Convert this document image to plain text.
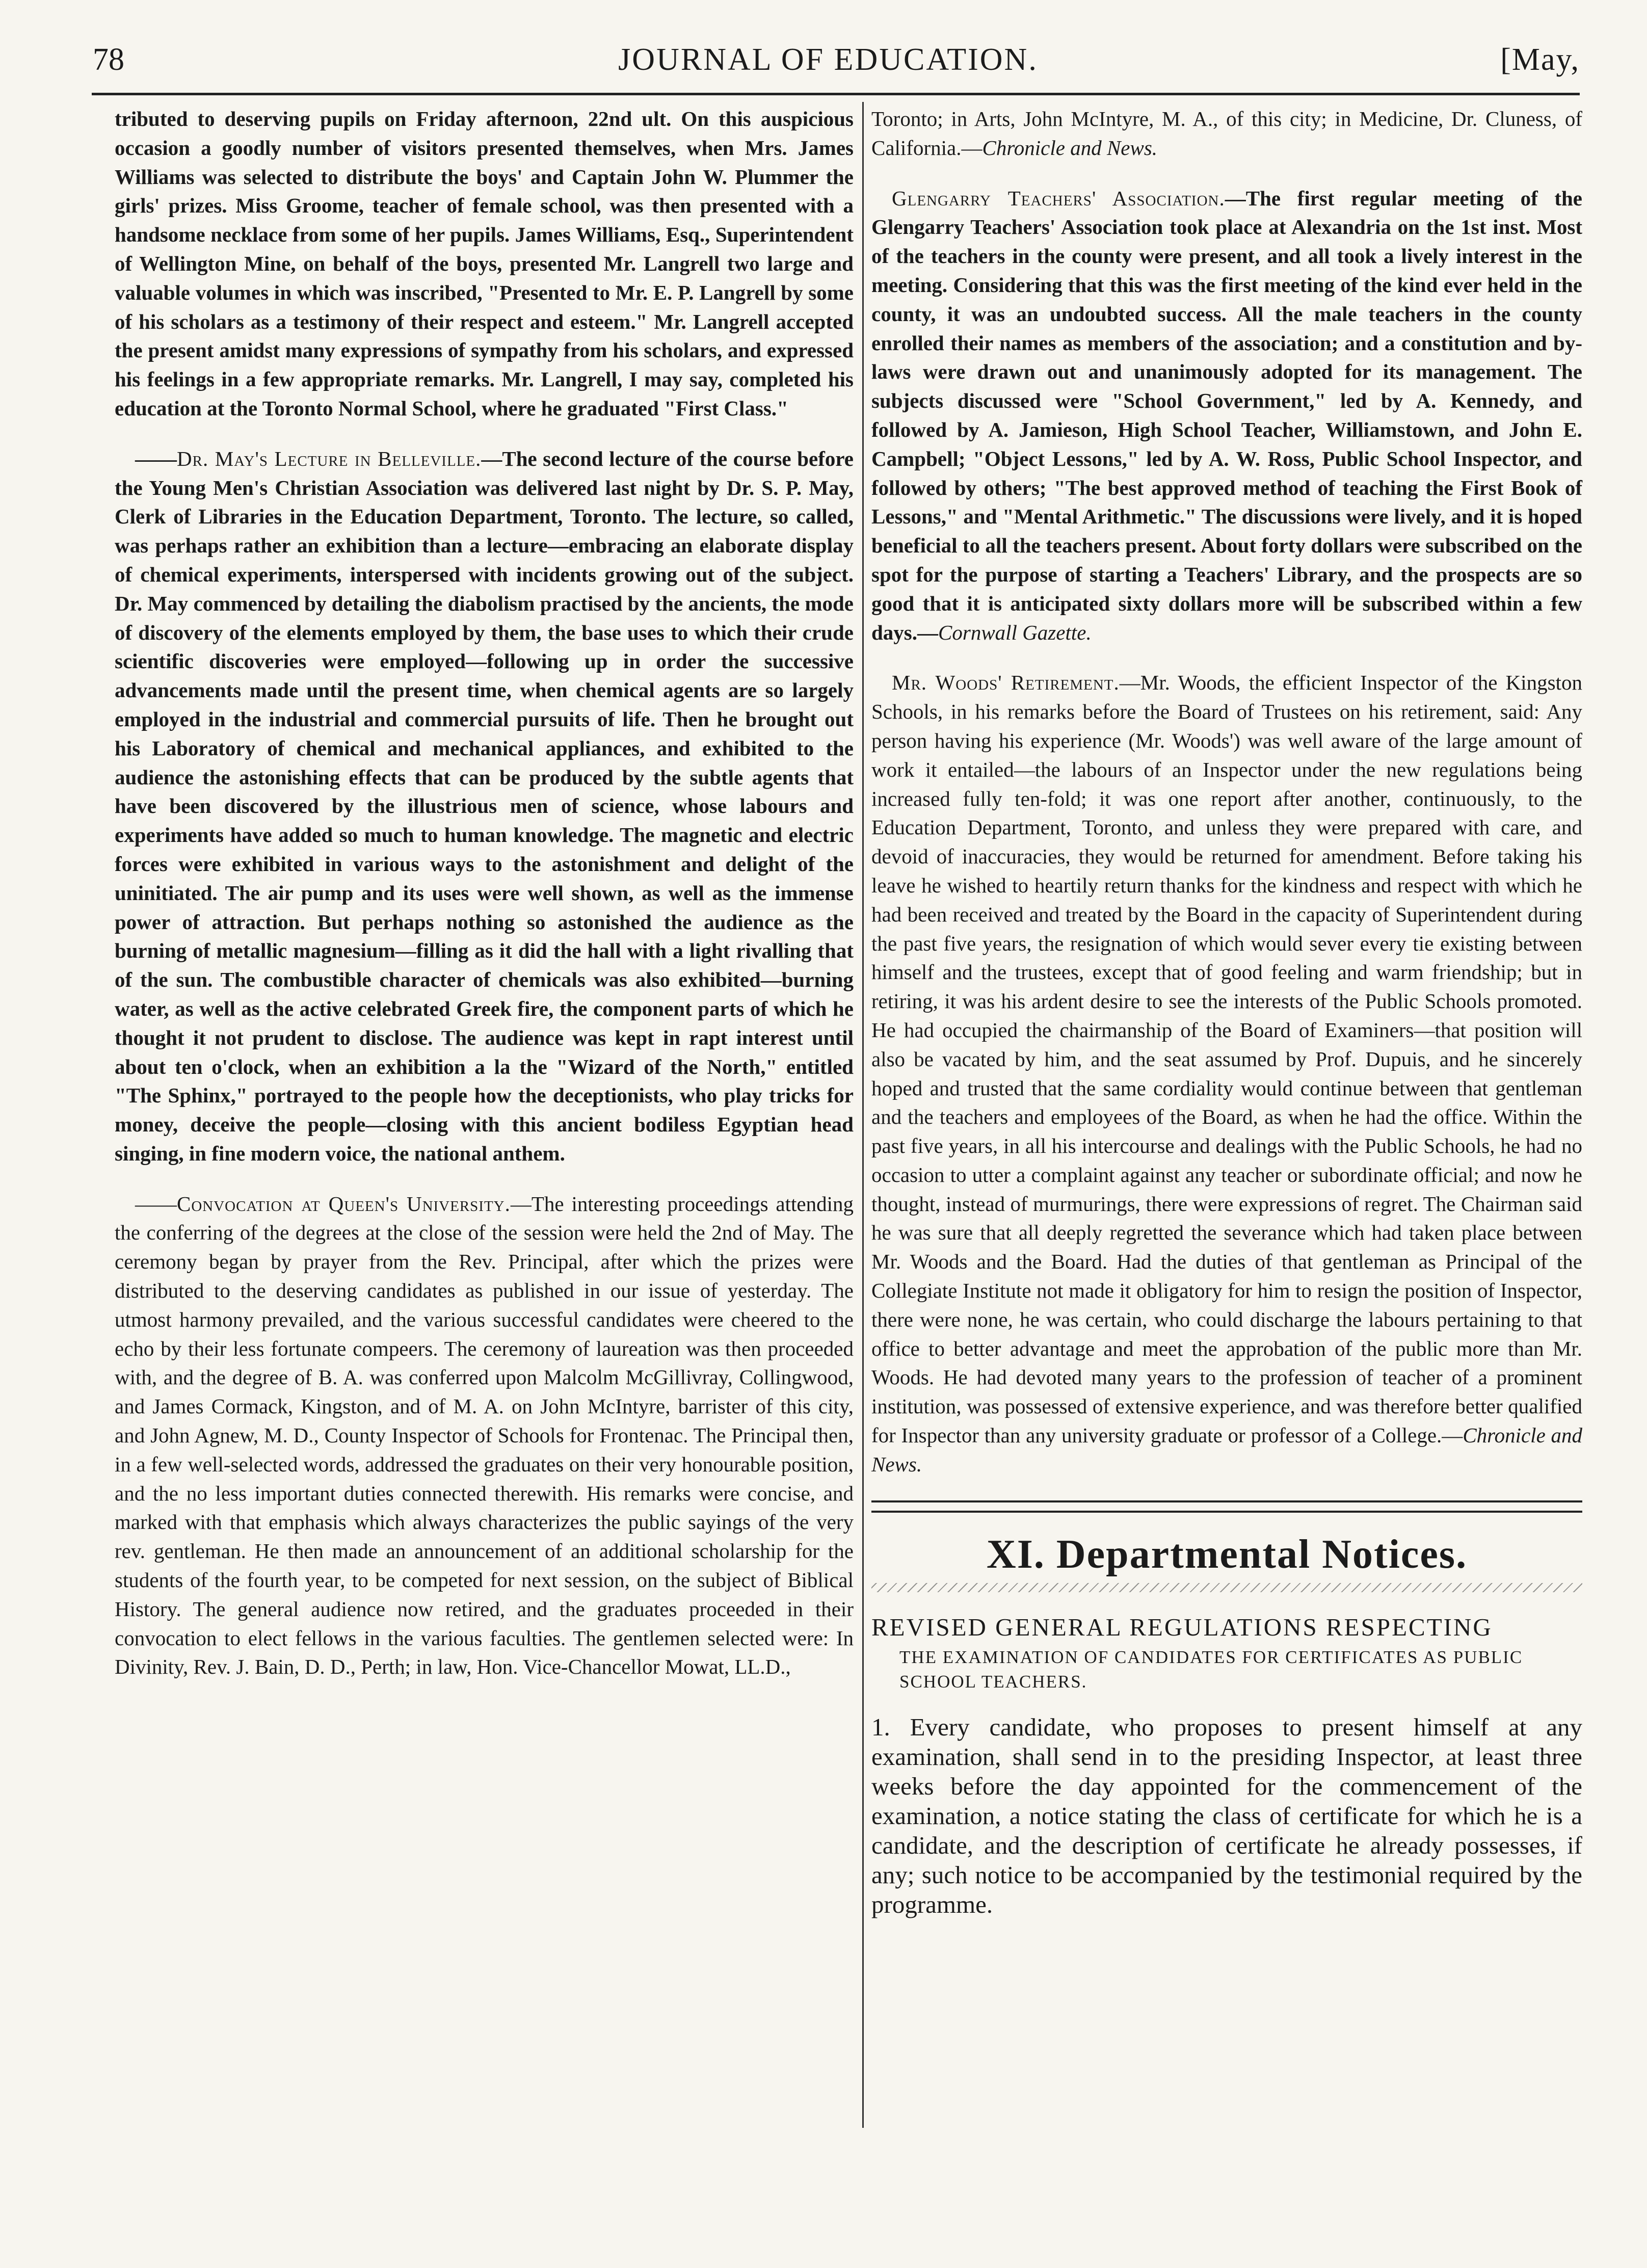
78	JOURNAL OF EDUCATION.	[May,

tributed to deserving pupils on Friday afternoon, 22nd ult. On this auspicious occasion a goodly number of visitors presented themselves, when Mrs. James Williams was selected to distribute the boys' and Captain John W. Plummer the girls' prizes. Miss Groome, teacher of female school, was then presented with a handsome necklace from some of her pupils. James Williams, Esq., Superintendent of Wellington Mine, on behalf of the boys, presented Mr. Langrell two large and valuable volumes in which was inscribed, "Presented to Mr. E. P. Langrell by some of his scholars as a testimony of their respect and esteem." Mr. Langrell accepted the present amidst many expressions of sympathy from his scholars, and expressed his feelings in a few appropriate remarks. Mr. Langrell, I may say, completed his education at the Toronto Normal School, where he graduated "First Class."

——Dr. May's Lecture in Belleville.—The second lecture of the course before the Young Men's Christian Association was delivered last night by Dr. S. P. May, Clerk of Libraries in the Education Department, Toronto. The lecture, so called, was perhaps rather an exhibition than a lecture—embracing an elaborate display of chemical experiments, interspersed with incidents growing out of the subject. Dr. May commenced by detailing the diabolism practised by the ancients, the mode of discovery of the elements employed by them, the base uses to which their crude scientific discoveries were employed—following up in order the successive advancements made until the present time, when chemical agents are so largely employed in the industrial and commercial pursuits of life. Then he brought out his Laboratory of chemical and mechanical appliances, and exhibited to the audience the astonishing effects that can be produced by the subtle agents that have been discovered by the illustrious men of science, whose labours and experiments have added so much to human knowledge. The magnetic and electric forces were exhibited in various ways to the astonishment and delight of the uninitiated. The air pump and its uses were well shown, as well as the immense power of attraction. But perhaps nothing so astonished the audience as the burning of metallic magnesium—filling as it did the hall with a light rivalling that of the sun. The combustible character of chemicals was also exhibited—burning water, as well as the active celebrated Greek fire, the component parts of which he thought it not prudent to disclose. The audience was kept in rapt interest until about ten o'clock, when an exhibition a la the "Wizard of the North," entitled "The Sphinx," portrayed to the people how the deceptionists, who play tricks for money, deceive the people—closing with this ancient bodiless Egyptian head singing, in fine modern voice, the national anthem.

——Convocation at Queen's University.—The interesting proceedings attending the conferring of the degrees at the close of the session were held the 2nd of May. The ceremony began by prayer from the Rev. Principal, after which the prizes were distributed to the deserving candidates as published in our issue of yesterday. The utmost harmony prevailed, and the various successful candidates were cheered to the echo by their less fortunate compeers. The ceremony of laureation was then proceeded with, and the degree of B. A. was conferred upon Malcolm McGillivray, Collingwood, and James Cormack, Kingston, and of M. A. on John McIntyre, barrister of this city, and John Agnew, M. D., County Inspector of Schools for Frontenac. The Principal then, in a few well-selected words, addressed the graduates on their very honourable position, and the no less important duties connected therewith. His remarks were concise, and marked with that emphasis which always characterizes the public sayings of the very rev. gentleman. He then made an announcement of an additional scholarship for the students of the fourth year, to be competed for next session, on the subject of Biblical History. The general audience now retired, and the graduates proceeded in their convocation to elect fellows in the various faculties. The gentlemen selected were: In Divinity, Rev. J. Bain, D. D., Perth; in law, Hon. Vice-Chancellor Mowat, LL.D.,

Toronto; in Arts, John McIntyre, M. A., of this city; in Medicine, Dr. Cluness, of California.—Chronicle and News.

Glengarry Teachers' Association.—The first regular meeting of the Glengarry Teachers' Association took place at Alexandria on the 1st inst. Most of the teachers in the county were present, and all took a lively interest in the meeting. Considering that this was the first meeting of the kind ever held in the county, it was an undoubted success. All the male teachers in the county enrolled their names as members of the association; and a constitution and by-laws were drawn out and unanimously adopted for its management. The subjects discussed were "School Government," led by A. Kennedy, and followed by A. Jamieson, High School Teacher, Williamstown, and John E. Campbell; "Object Lessons," led by A. W. Ross, Public School Inspector, and followed by others; "The best approved method of teaching the First Book of Lessons," and "Mental Arithmetic." The discussions were lively, and it is hoped beneficial to all the teachers present. About forty dollars were subscribed on the spot for the purpose of starting a Teachers' Library, and the prospects are so good that it is anticipated sixty dollars more will be subscribed within a few days.—Cornwall Gazette.

Mr. Woods' Retirement.—Mr. Woods, the efficient Inspector of the Kingston Schools, in his remarks before the Board of Trustees on his retirement, said: Any person having his experience (Mr. Woods') was well aware of the large amount of work it entailed—the labours of an Inspector under the new regulations being increased fully ten-fold; it was one report after another, continuously, to the Education Department, Toronto, and unless they were prepared with care, and devoid of inaccuracies, they would be returned for amendment. Before taking his leave he wished to heartily return thanks for the kindness and respect with which he had been received and treated by the Board in the capacity of Superintendent during the past five years, the resignation of which would sever every tie existing between himself and the trustees, except that of good feeling and warm friendship; but in retiring, it was his ardent desire to see the interests of the Public Schools promoted. He had occupied the chairmanship of the Board of Examiners—that position will also be vacated by him, and the seat assumed by Prof. Dupuis, and he sincerely hoped and trusted that the same cordiality would continue between that gentleman and the teachers and employees of the Board, as when he had the office. Within the past five years, in all his intercourse and dealings with the Public Schools, he had no occasion to utter a complaint against any teacher or subordinate official; and now he thought, instead of murmurings, there were expressions of regret. The Chairman said he was sure that all deeply regretted the severance which had taken place between Mr. Woods and the Board. Had the duties of that gentleman as Principal of the Collegiate Institute not made it obligatory for him to resign the position of Inspector, there were none, he was certain, who could discharge the labours pertaining to that office to better advantage and meet the approbation of the public more than Mr. Woods. He had devoted many years to the profession of teacher of a prominent institution, was possessed of extensive experience, and was therefore better qualified for Inspector than any university graduate or professor of a College.—Chronicle and News.

XI. Departmental Notices.
REVISED GENERAL REGULATIONS RESPECTING
THE EXAMINATION OF CANDIDATES FOR CERTIFICATES AS PUBLIC SCHOOL TEACHERS.

1. Every candidate, who proposes to present himself at any examination, shall send in to the presiding Inspector, at least three weeks before the day appointed for the commencement of the examination, a notice stating the class of certificate for which he is a candidate, and the description of certificate he already possesses, if any; such notice to be accompanied by the testimonial required by the programme.
